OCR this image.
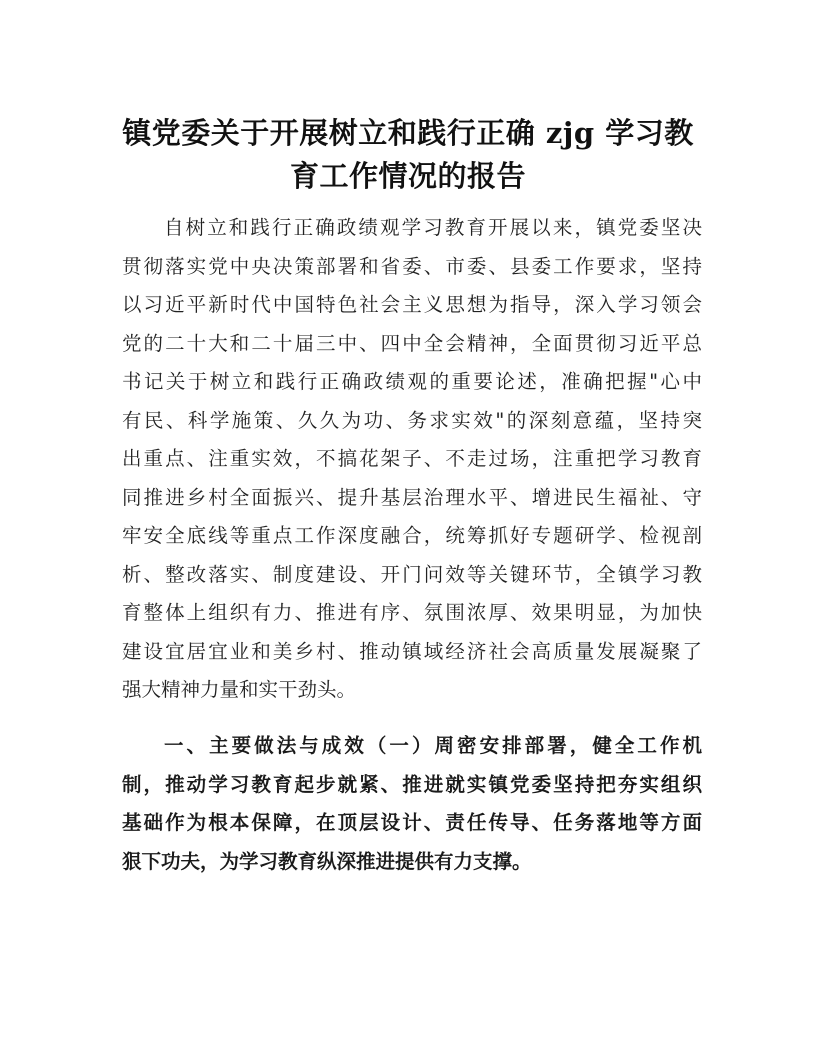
镇党委关于开展树立和践行正确 zjg 学习教
育工作情况的报告
自树立和践行正确政绩观学习教育开展以来，镇党委坚决
贯彻落实党中央决策部署和省委、市委、县委工作要求，坚持
以习近平新时代中国特色社会主义思想为指导，深入学习领会
党的二十大和二十届三中、四中全会精神，全面贯彻习近平总
书记关于树立和践行正确政绩观的重要论述，准确把握"心中
有民、科学施策、久久为功、务求实效"的深刻意蕴，坚持突
出重点、注重实效，不搞花架子、不走过场，注重把学习教育
同推进乡村全面振兴、提升基层治理水平、增进民生福祉、守
牢安全底线等重点工作深度融合，统筹抓好专题研学、检视剖
析、整改落实、制度建设、开门问效等关键环节，全镇学习教
育整体上组织有力、推进有序、氛围浓厚、效果明显，为加快
建设宜居宜业和美乡村、推动镇域经济社会高质量发展凝聚了
强大精神力量和实干劲头。
一、主要做法与成效（一）周密安排部署，健全工作机
制，推动学习教育起步就紧、推进就实镇党委坚持把夯实组织
基础作为根本保障，在顶层设计、责任传导、任务落地等方面
狠下功夫，为学习教育纵深推进提供有力支撑。
